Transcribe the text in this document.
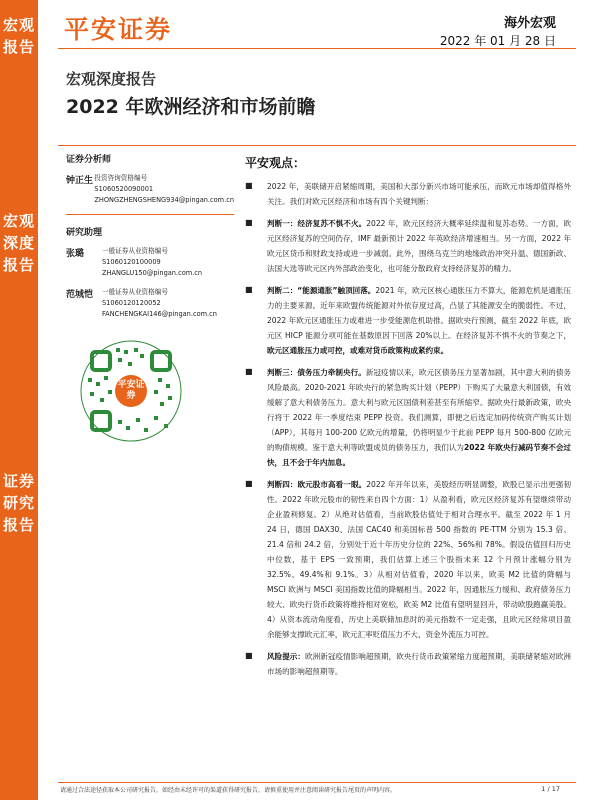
宏观
报告
宏观
深度
报告
证券
研究
报告
平安证券	海外宏观
2022 年 01 月 28 日
宏观深度报告
2022 年欧洲经济和市场前瞻
证券分析师
钟正生 投资咨询资格编号
S1060520090001
ZHONGZHENGSHENG934@pingan.com.cn
研究助理
张璐	一般证券从业资格编号
S1060120100009
ZHANGLU150@pingan.com.cn
范城恺	一般证券从业资格编号
S1060120120052
FANCHENGKAI146@pingan.com.cn
平安证券
平安观点：
■	2022 年，美联储开启紧缩周期，美国和大部分新兴市场可能承压，而欧元市场却值得格外关注。我们对欧元区经济和市场有四个关键判断：
■	判断一：经济复苏不惧不火。2022 年，欧元区经济大概率延续温和复苏态势。一方面，欧元区经济复苏的空间仍存，IMF 最新预计 2022 年英欧经济增速相当。另一方面，2022 年欧元区货币和财政支持或进一步减弱。此外，围绕乌克兰的地缘政治冲突升温、德国新政、法国大选等欧元区内外部政治变化，也可能分散政府支持经济复苏的精力。
■	判断二：“能源通胀”触顶回落。2021 年，欧元区核心通胀压力不算大，能源危机是通胀压力的主要来源。近年来欧盟传统能源对外依存度过高，凸显了其能源安全的脆弱性。不过，2022 年欧元区通胀压力或难进一步受能源危机助推。据欧央行预测，截至 2022 年底，欧元区 HICP 能源分项可能在基数原因下回落 20%以上。在经济复苏不惧不火的节奏之下，欧元区通胀压力或可控，或难对货币政策构成紧约束。
■	判断三：债务压力牵制央行。新冠疫情以来，欧元区债务压力显著加剧，其中意大利的债务风险最高。2020-2021 年欧央行的紧急购买计划（PEPP）下购买了大量意大利国债，有效缓解了意大利债务压力。意大利与欧元区国债利差甚至有所缩窄。据欧央行最新政策，欧央行将于 2022 年一季度结束 PEPP 投资。我们测算，即便之后选定加码传统资产购买计划（APP），其每月 100-200 亿欧元的增量，仍将明显少于此前 PEPP 每月 500-800 亿欧元的购债规模。鉴于意大利等欧盟成员的债务压力，我们认为2022 年欧央行减码节奏不会过快，且不会于年内加息。
■	判断四：欧元股市高看一眼。2022 年开年以来，美股经历明显调整，欧股已显示出更强韧性。2022 年欧元股市的韧性来自四个方面：1）从盈利看，欧元区经济复苏有望继续带动企业盈利修复。2）从绝对估值看，当前欧股估值处于相对合理水平。截至 2022 年 1 月 24 日，德国 DAX30、法国 CAC40 和美国标普 500 指数的 PE-TTM 分别为 15.3 倍、21.4 倍和 24.2 倍，分别处于近十年历史分位的 22%、56%和 78%。假设估值回归历史中位数，基于 EPS 一致预期，我们估算上述三个股指未来 12 个月预计涨幅分别为 32.5%、49.4%和 9.1%。3）从相对估值看，2020 年以来，欧美 M2 比值的降幅与 MSCI 欧洲与 MSCI 美国指数比值的降幅相当。2022 年，因通胀压力缓和、政府债务压力较大、欧央行货币政策将维持相对宽松，欧美 M2 比值有望明显回升，带动欧股跑赢美股。4）从资本流动角度看，历史上美联储加息时的美元指数不一定走强，且欧元区经常项目盈余能够支撑欧元汇率，欧元汇率贬值压力不大，资金外流压力可控。
■	风险提示：欧洲新冠疫情影响超预期，欧央行货币政策紧缩力度超预期，美联储紧缩对欧洲市场的影响超预期等。
请通过合法途径获取本公司研究报告，如经由未经许可的渠道获得研究报告，请慎重使用并注意阅读研究报告尾页的声明内容。	1 / 17
